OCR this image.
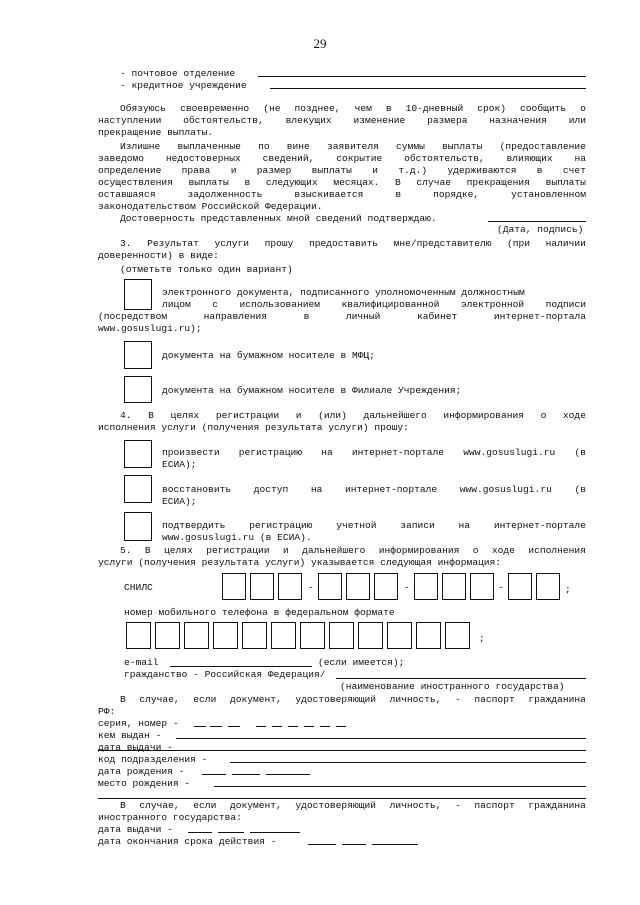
29
- почтовое отделение
- кредитное учреждение
Обязуюсь своевременно (не позднее, чем в 10-дневный срок) сообщить о
наступлении обстоятельств, влекущих изменение размера назначения или
прекращение выплаты.
Излишне выплаченные по вине заявителя суммы выплаты (предоставление
заведомо недостоверных сведений, сокрытие обстоятельств, влияющих на
определение права и размер выплаты и т.д.) удерживаются в счет
осуществления выплаты в следующих месяцах. В случае прекращения выплаты
оставшаяся	задолженность	взыскивается	в	порядке,	установленном
законодательством Российской Федерации.
Достоверность представленных мной сведений подтверждаю.
(Дата, подпись)
3. Результат услуги прошу предоставить мне/представителю (при наличии
доверенности) в виде:
(отметьте только один вариант)
электронного документа, подписанного уполномоченным должностным
лицом с использованием квалифицированной электронной подписи
(посредством	направления	в	личный	кабинет	интернет-портала
www.gosuslugi.ru);
документа на бумажном носителе в МФЦ;
документа на бумажном носителе в Филиале Учреждения;
4. В целях регистрации и (или) дальнейшего информирования о ходе
исполнения услуги (получения результата услуги) прошу:
произвести регистрацию на интернет-портале www.gosuslugi.ru (в
ЕСИА);
восстановить доступ на интернет-портале www.gosuslugi.ru (в
ЕСИА);
подтвердить регистрацию учетной записи на интернет-портале
www.gosuslugi.ru (в ЕСИА).
5. В целях регистрации и дальнейшего информирования о ходе исполнения
услуги (получения результата услуги) указывается следующая информация:
СНИЛС	-	-	-	;
номер мобильного телефона в федеральном формате
;
e-mail	(если имеется);
гражданство - Российская Федерация/
(наименование иностранного государства)
В случае, если документ, удостоверяющий личность, - паспорт гражданина
РФ:
серия, номер -
кем выдан -
дата выдачи -
код подразделения -
дата рождения -
место рождения -
В случае, если документ, удостоверяющий личность, - паспорт гражданина
иностранного государства:
дата выдачи -
дата окончания срока действия -
